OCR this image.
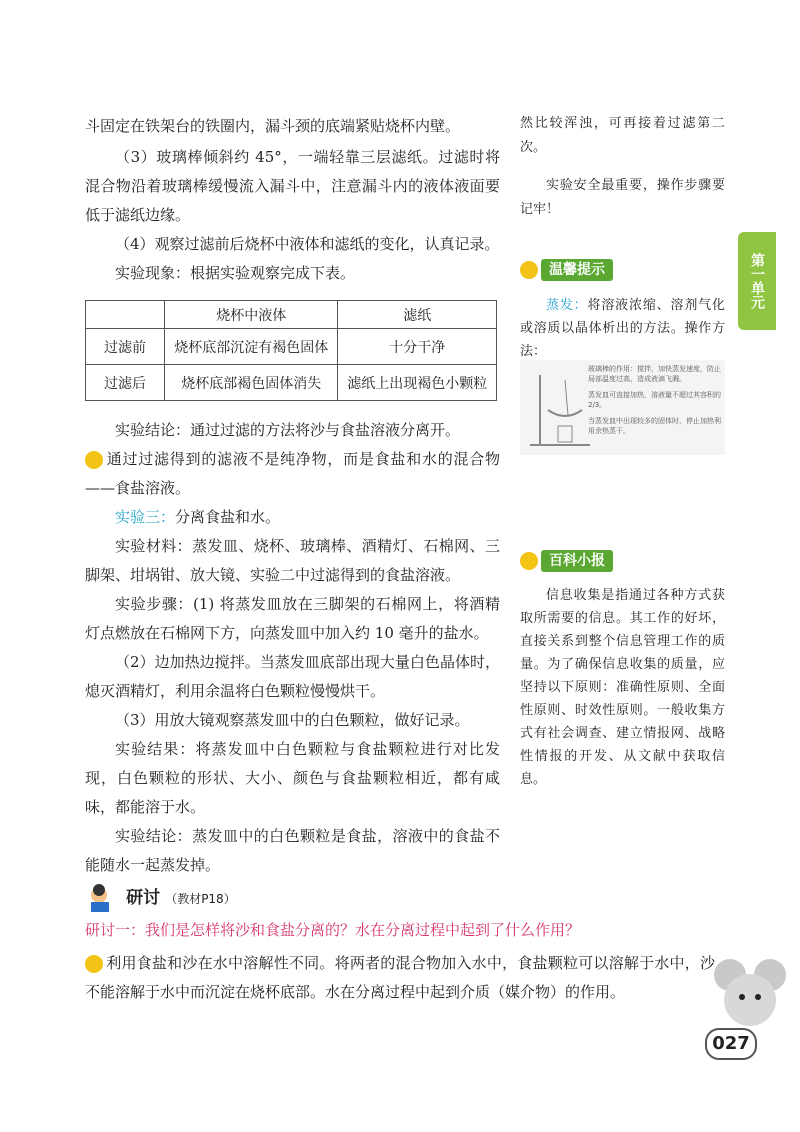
斗固定在铁架台的铁圈内，漏斗颈的底端紧贴烧杯内壁。

（3）玻璃棒倾斜约 45°，一端轻靠三层滤纸。过滤时将混合物沿着玻璃棒缓慢流入漏斗中，注意漏斗内的液体液面要低于滤纸边缘。

（4）观察过滤前后烧杯中液体和滤纸的变化，认真记录。

实验现象：根据实验观察完成下表。

	烧杯中液体	滤纸
过滤前	烧杯底部沉淀有褐色固体	十分干净
过滤后	烧杯底部褐色固体消失	滤纸上出现褐色小颗粒

实验结论：通过过滤的方法将沙与食盐溶液分离开。

通过过滤得到的滤液不是纯净物，而是食盐和水的混合物——食盐溶液。

实验三：分离食盐和水。

实验材料：蒸发皿、烧杯、玻璃棒、酒精灯、石棉网、三脚架、坩埚钳、放大镜、实验二中过滤得到的食盐溶液。

实验步骤：(1) 将蒸发皿放在三脚架的石棉网上，将酒精灯点燃放在石棉网下方，向蒸发皿中加入约 10 毫升的盐水。

（2）边加热边搅拌。当蒸发皿底部出现大量白色晶体时，熄灭酒精灯，利用余温将白色颗粒慢慢烘干。

（3）用放大镜观察蒸发皿中的白色颗粒，做好记录。

实验结果：将蒸发皿中白色颗粒与食盐颗粒进行对比发现，白色颗粒的形状、大小、颜色与食盐颗粒相近，都有咸味，都能溶于水。

实验结论：蒸发皿中的白色颗粒是食盐，溶液中的食盐不能随水一起蒸发掉。

研讨 （教材P18）

研讨一：我们是怎样将沙和食盐分离的？水在分离过程中起到了什么作用？

利用食盐和沙在水中溶解性不同。将两者的混合物加入水中，食盐颗粒可以溶解于水中，沙不能溶解于水中而沉淀在烧杯底部。水在分离过程中起到介质（媒介物）的作用。

然比较浑浊，可再接着过滤第二次。

实验安全最重要，操作步骤要记牢！

温馨提示

蒸发：将溶液浓缩、溶剂气化或溶质以晶体析出的方法。操作方法：

玻璃棒的作用：搅拌，加快蒸发速度，防止局部温度过高，造成液滴飞溅。
蒸发皿可直接加热，溶液量不超过其容积的 2/3。
当蒸发皿中出现较多的固体时，停止加热利用余热蒸干。
百科小报

信息收集是指通过各种方式获取所需要的信息。其工作的好坏，直接关系到整个信息管理工作的质量。为了确保信息收集的质量，应坚持以下原则：准确性原则、全面性原则、时效性原则。一般收集方式有社会调查、建立情报网、战略性情报的开发、从文献中获取信息。

第一单元
027
